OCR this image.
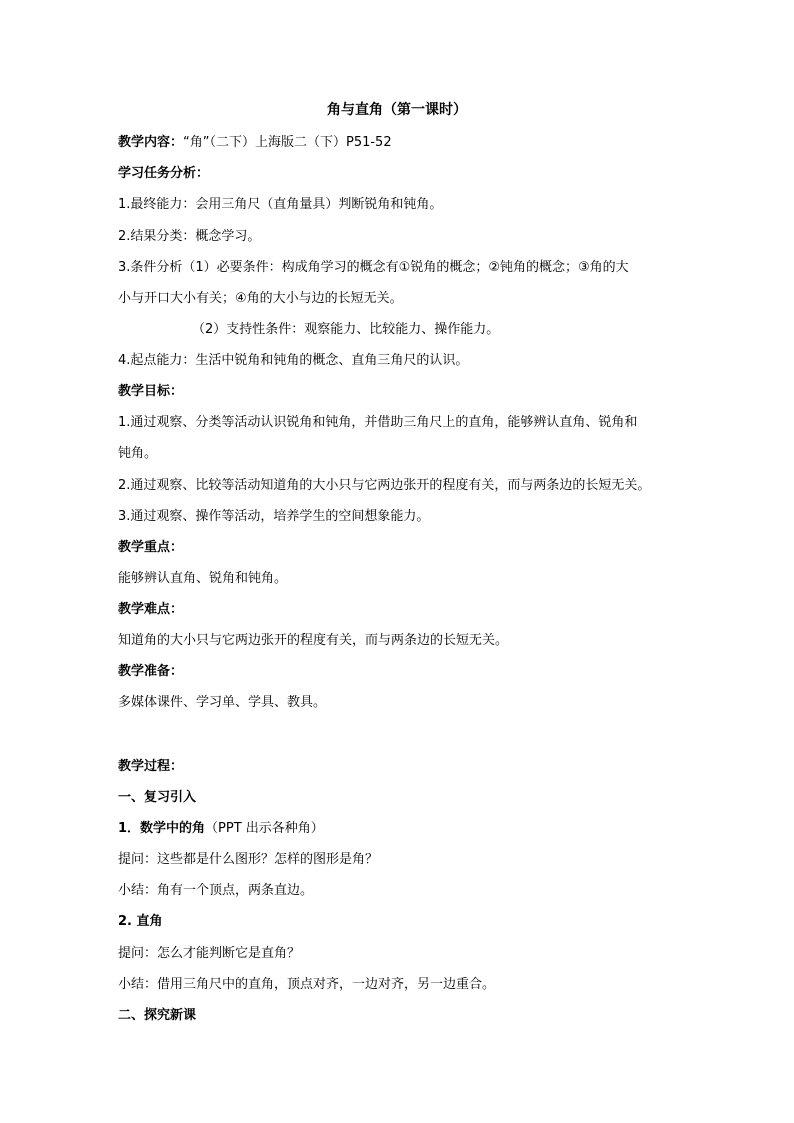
角与直角（第一课时）
教学内容：“角”（二下）上海版二（下）P51-52
学习任务分析：
1.最终能力：会用三角尺（直角量具）判断锐角和钝角。
2.结果分类：概念学习。
3.条件分析（1）必要条件：构成角学习的概念有①锐角的概念；②钝角的概念；③角的大
小与开口大小有关；④角的大小与边的长短无关。
（2）支持性条件：观察能力、比较能力、操作能力。
4.起点能力：生活中锐角和钝角的概念、直角三角尺的认识。
教学目标：
1.通过观察、分类等活动认识锐角和钝角，并借助三角尺上的直角，能够辨认直角、锐角和
钝角。
2.通过观察、比较等活动知道角的大小只与它两边张开的程度有关，而与两条边的长短无关。
3.通过观察、操作等活动，培养学生的空间想象能力。
教学重点：
能够辨认直角、锐角和钝角。
教学难点：
知道角的大小只与它两边张开的程度有关，而与两条边的长短无关。
教学准备：
多媒体课件、学习单、学具、教具。
教学过程：
一、复习引入
1．数学中的角（PPT 出示各种角）
提问：这些都是什么图形？怎样的图形是角？
小结：角有一个顶点，两条直边。
2. 直角
提问：怎么才能判断它是直角？
小结：借用三角尺中的直角，顶点对齐，一边对齐，另一边重合。
二、探究新课
